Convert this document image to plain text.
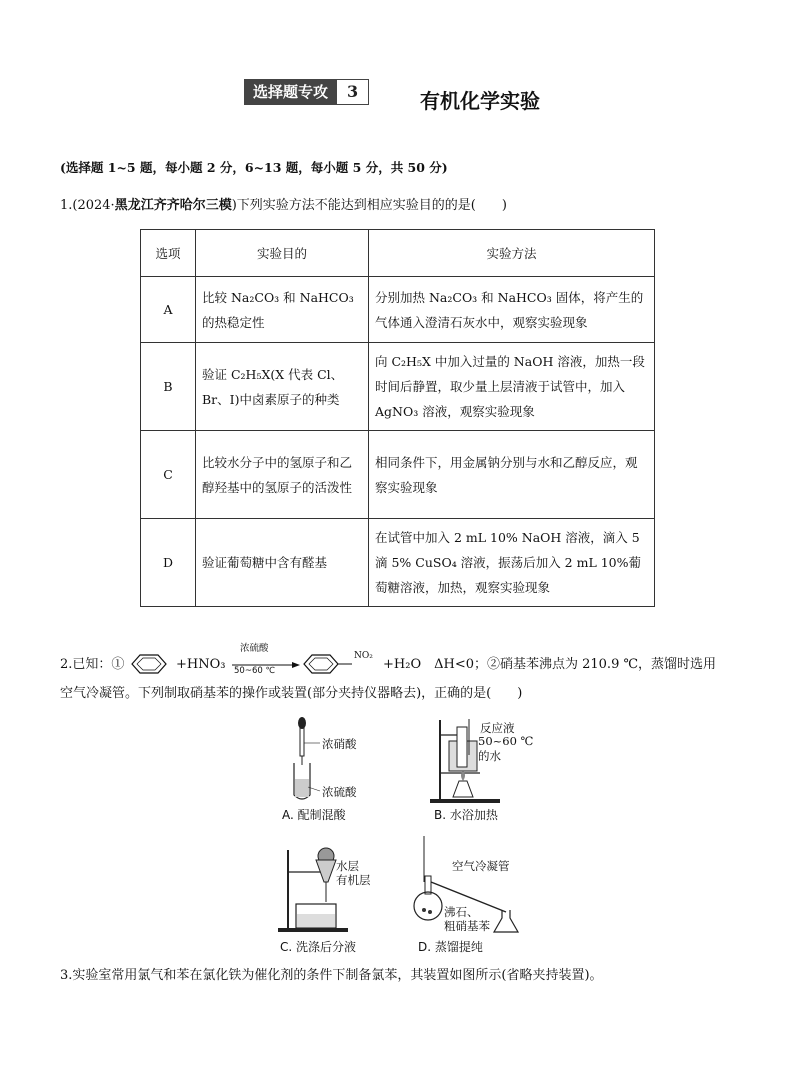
选择题专攻	3	有机化学实验
(选择题 1~5 题，每小题 2 分，6~13 题，每小题 5 分，共 50 分)
1.(2024·黑龙江齐齐哈尔三模)下列实验方法不能达到相应实验目的的是(　　)
选项	实验目的	实验方法
A	比较 Na₂CO₃ 和 NaHCO₃ 的热稳定性	分别加热 Na₂CO₃ 和 NaHCO₃ 固体，将产生的气体通入澄清石灰水中，观察实验现象
B	验证 C₂H₅X(X 代表 Cl、Br、I)中卤素原子的种类	向 C₂H₅X 中加入过量的 NaOH 溶液，加热一段时间后静置，取少量上层清液于试管中，加入 AgNO₃ 溶液，观察实验现象
C	比较水分子中的氢原子和乙醇羟基中的氢原子的活泼性	相同条件下，用金属钠分别与水和乙醇反应，观察实验现象
D	验证葡萄糖中含有醛基	在试管中加入 2 mL 10% NaOH 溶液，滴入 5 滴 5% CuSO₄ 溶液，振荡后加入 2 mL 10%葡萄糖溶液，加热，观察实验现象
2.已知：①	+HNO₃
浓硫酸
50~60 ℃
NO₂
+H₂O　ΔH<0；②硝基苯沸点为 210.9 ℃，蒸馏时选用
空气冷凝管。下列制取硝基苯的操作或装置(部分夹持仪器略去)，正确的是(　　)
浓硝酸
浓硫酸
A. 配制混酸
反应液
50~60 ℃
的水
B. 水浴加热
水层
有机层
C. 洗涤后分液
空气冷凝管
沸石、
粗硝基苯
D. 蒸馏提纯
3.实验室常用氯气和苯在氯化铁为催化剂的条件下制备氯苯，其装置如图所示(省略夹持装置)。
